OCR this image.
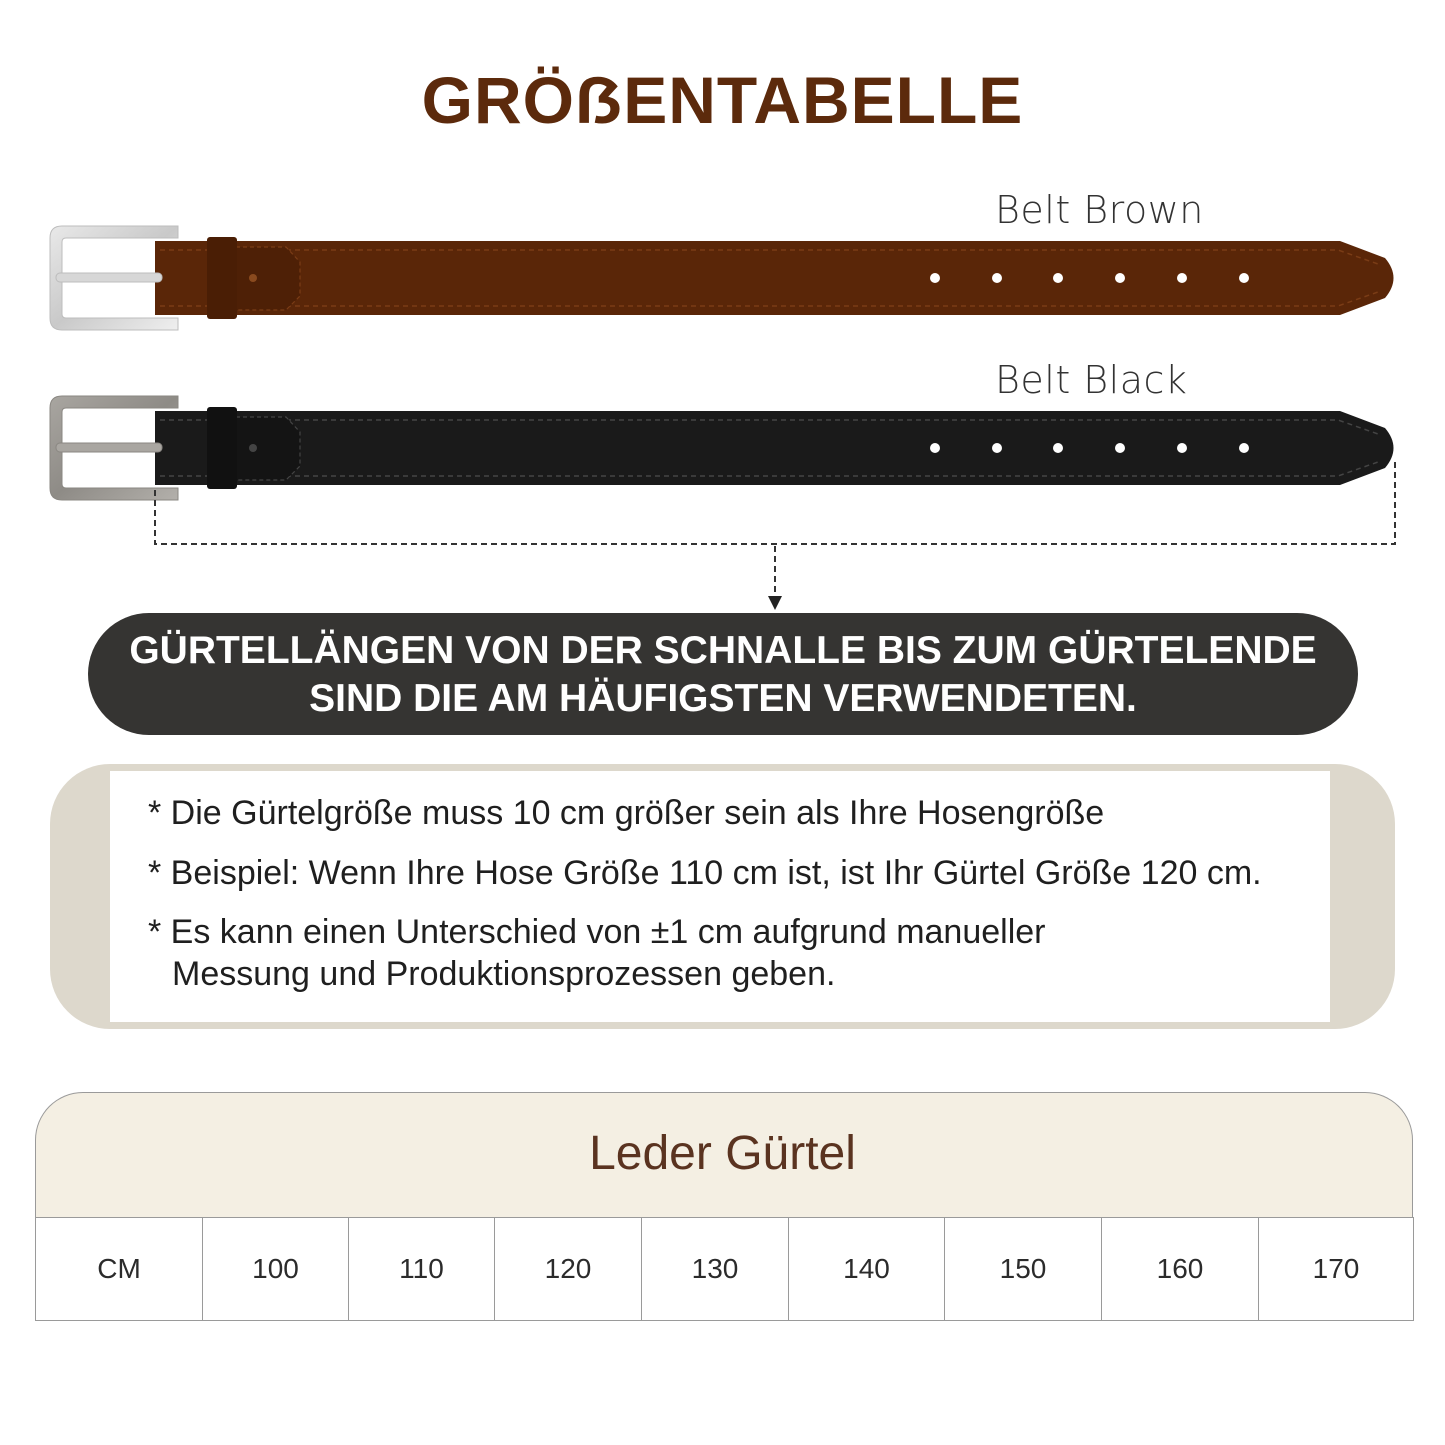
GRÖẞENTABELLE
Belt Brown
Belt Black
GÜRTELLÄNGEN VON DER SCHNALLE BIS ZUM GÜRTELENDE
SIND DIE AM HÄUFIGSTEN VERWENDETEN.
* Die Gürtelgröße muss 10 cm größer sein als Ihre Hosengröße
* Beispiel: Wenn Ihre Hose Größe 110 cm ist, ist Ihr Gürtel Größe 120 cm.
* Es kann einen Unterschied von ±1 cm aufgrund manueller
Messung und Produktionsprozessen geben.
Leder Gürtel
CM	100	110	120	130	140	150	160	170
